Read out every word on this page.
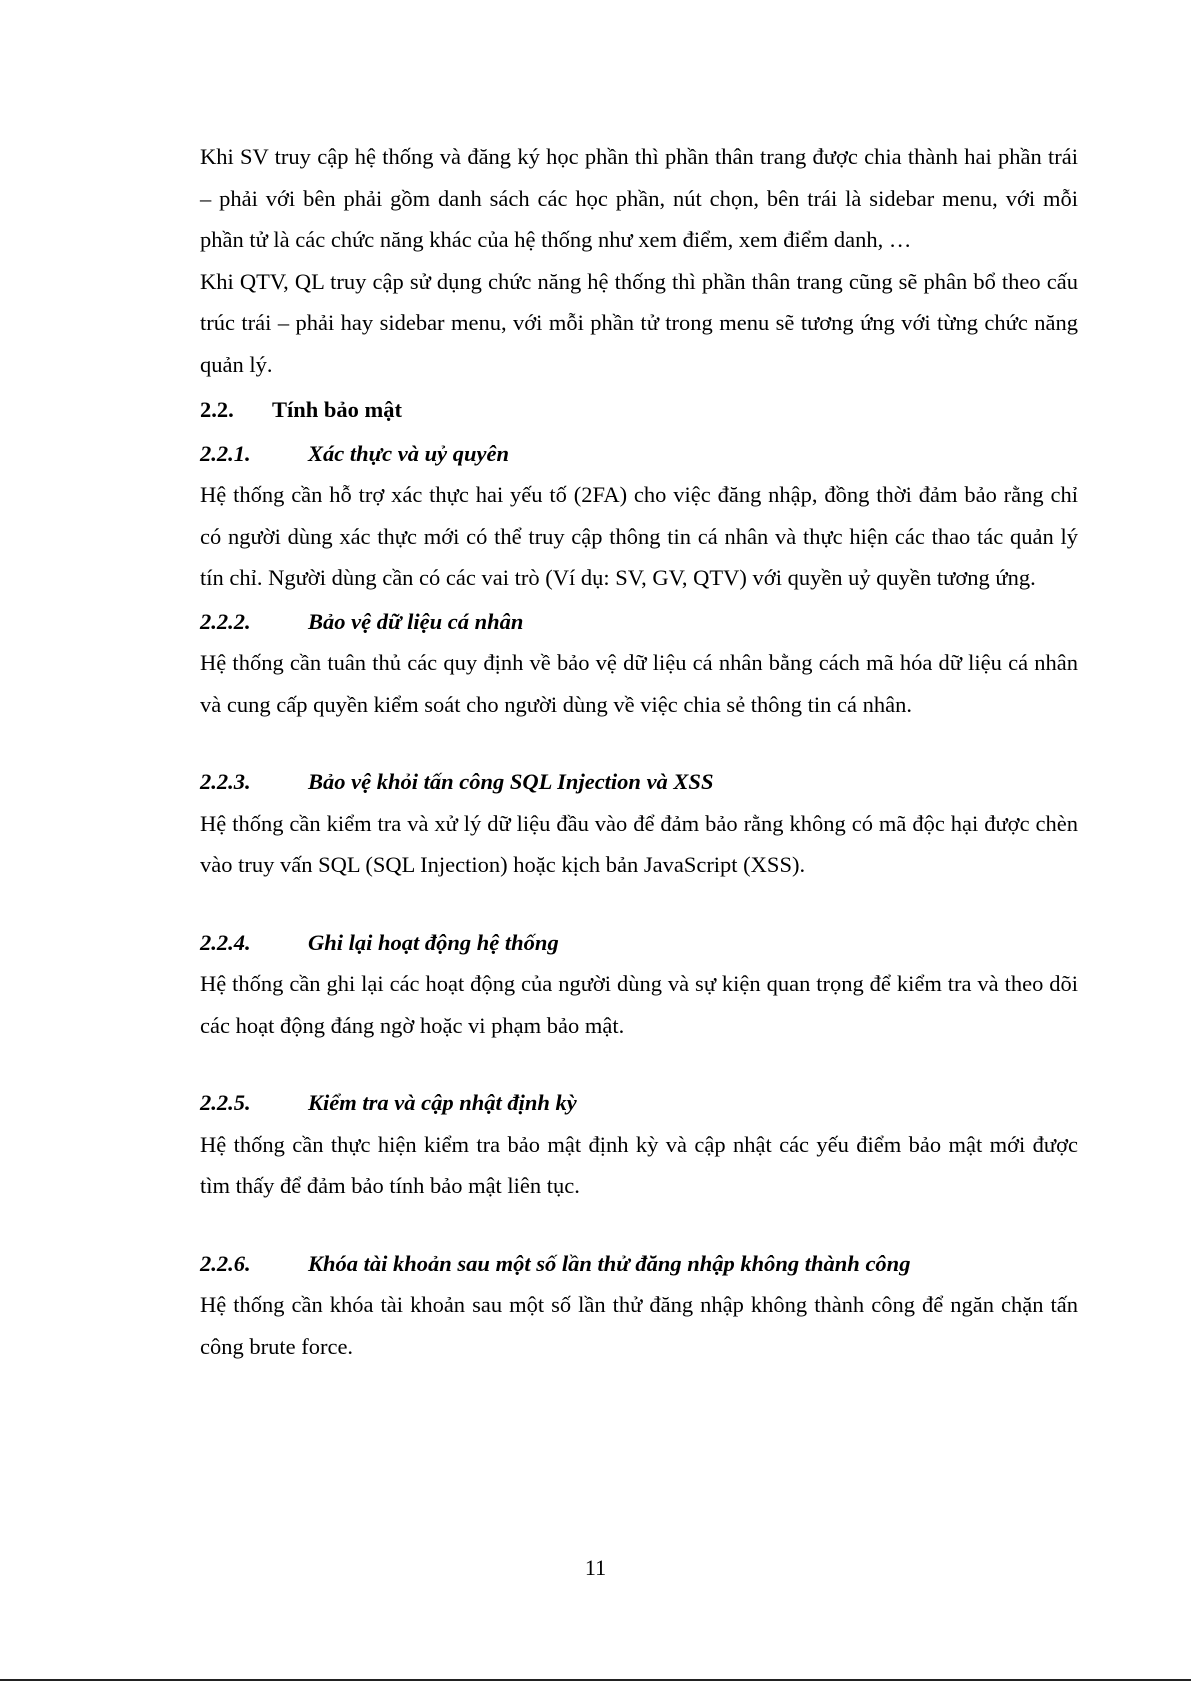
Khi SV truy cập hệ thống và đăng ký học phần thì phần thân trang được chia thành hai phần trái – phải với bên phải gồm danh sách các học phần, nút chọn, bên trái là sidebar menu, với mỗi phần tử là các chức năng khác của hệ thống như xem điểm, xem điểm danh, …

Khi QTV, QL truy cập sử dụng chức năng hệ thống thì phần thân trang cũng sẽ phân bổ theo cấu trúc trái – phải hay sidebar menu, với mỗi phần tử trong menu sẽ tương ứng với từng chức năng quản lý.

2.2.	Tính bảo mật
2.2.1.	Xác thực và uỷ quyên

Hệ thống cần hỗ trợ xác thực hai yếu tố (2FA) cho việc đăng nhập, đồng thời đảm bảo rằng chỉ có người dùng xác thực mới có thể truy cập thông tin cá nhân và thực hiện các thao tác quản lý tín chỉ. Người dùng cần có các vai trò (Ví dụ: SV, GV, QTV) với quyền uỷ quyền tương ứng.

2.2.2.	Bảo vệ dữ liệu cá nhân

Hệ thống cần tuân thủ các quy định về bảo vệ dữ liệu cá nhân bằng cách mã hóa dữ liệu cá nhân và cung cấp quyền kiểm soát cho người dùng về việc chia sẻ thông tin cá nhân.

2.2.3.	Bảo vệ khỏi tấn công SQL Injection và XSS

Hệ thống cần kiểm tra và xử lý dữ liệu đầu vào để đảm bảo rằng không có mã độc hại được chèn vào truy vấn SQL (SQL Injection) hoặc kịch bản JavaScript (XSS).

2.2.4.	Ghi lại hoạt động hệ thống

Hệ thống cần ghi lại các hoạt động của người dùng và sự kiện quan trọng để kiểm tra và theo dõi các hoạt động đáng ngờ hoặc vi phạm bảo mật.

2.2.5.	Kiểm tra và cập nhật định kỳ

Hệ thống cần thực hiện kiểm tra bảo mật định kỳ và cập nhật các yếu điểm bảo mật mới được tìm thấy để đảm bảo tính bảo mật liên tục.

2.2.6.	Khóa tài khoản sau một số lần thử đăng nhập không thành công

Hệ thống cần khóa tài khoản sau một số lần thử đăng nhập không thành công để ngăn chặn tấn công brute force.

11
